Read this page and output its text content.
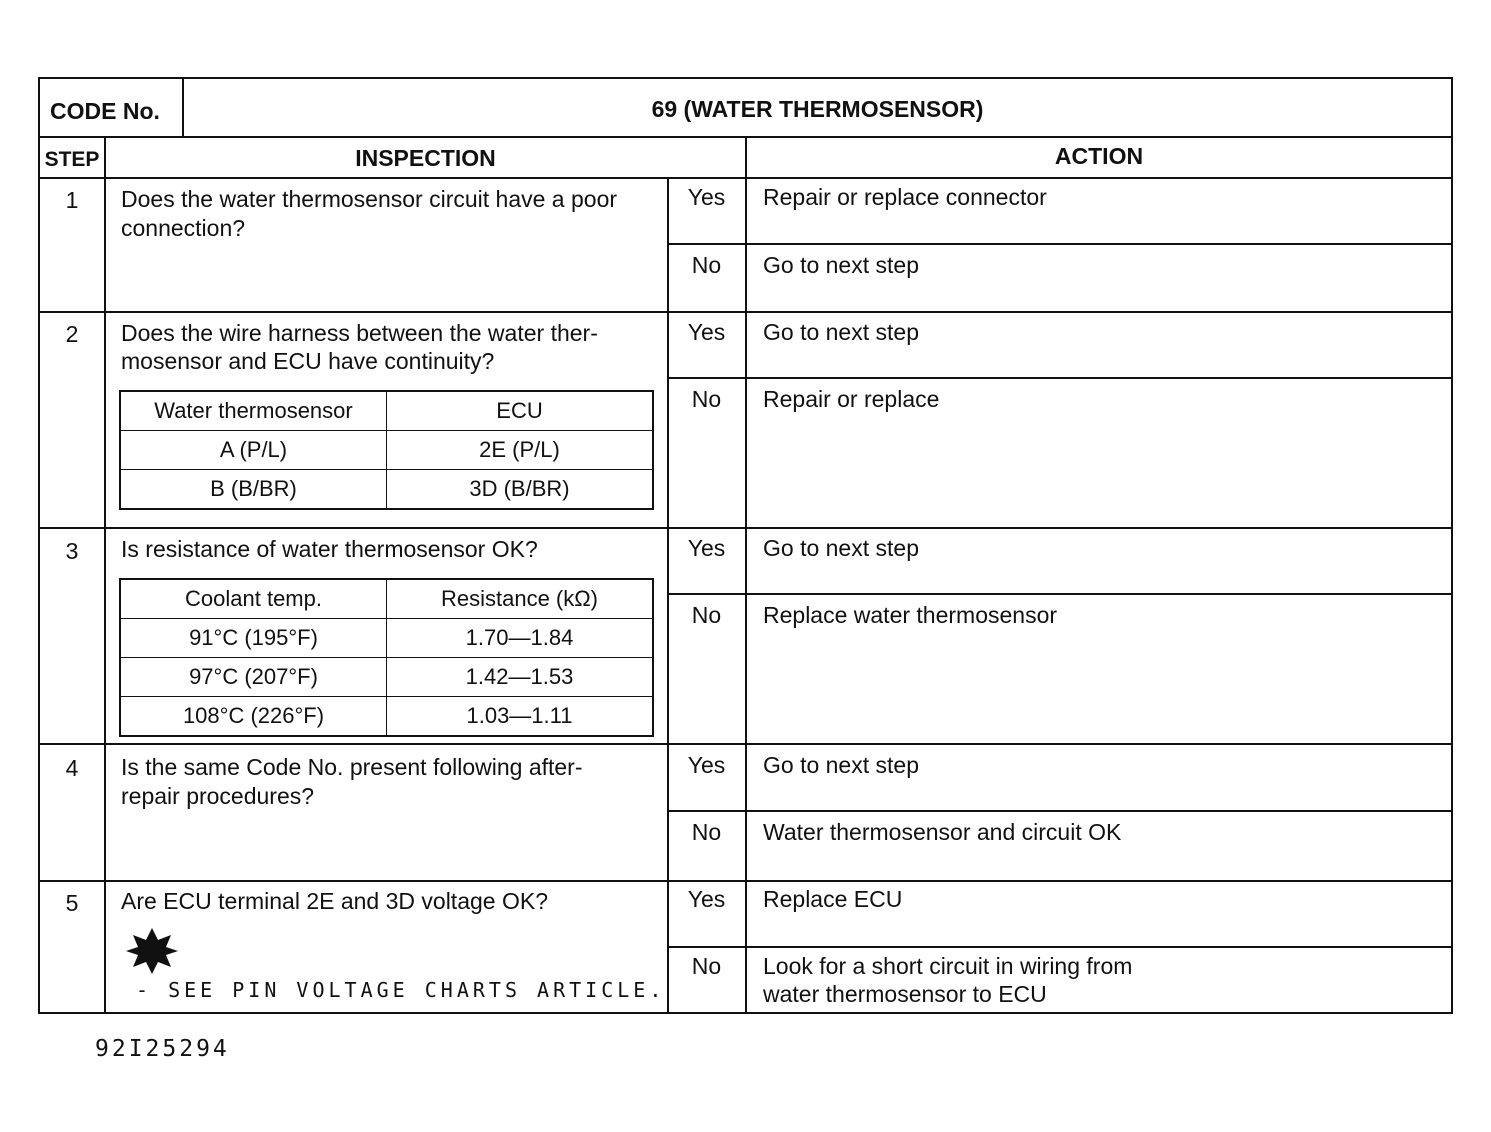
CODE No.	69 (WATER THERMOSENSOR)
STEP	INSPECTION	ACTION
1	Does the water thermosensor circuit have a poor connection?
Yes	Repair or replace connector
No	Go to next step
2	Does the wire harness between the water ther-
mosensor and ECU have continuity?
Water thermosensor	ECU
A (P/L)	2E (P/L)
B (B/BR)	3D (B/BR)
Yes	Go to next step
No	Repair or replace
3	Is resistance of water thermosensor OK?
Coolant temp.	Resistance (kΩ)
91°C (195°F)	1.70—1.84
97°C (207°F)	1.42—1.53
108°C (226°F)	1.03—1.11
Yes	Go to next step
No	Replace water thermosensor
4	Is the same Code No. present following after-
repair procedures?
Yes	Go to next step
No	Water thermosensor and circuit OK
5	Are ECU terminal 2E and 3D voltage OK?
- SEE PIN VOLTAGE CHARTS ARTICLE.
Yes	Replace ECU
No	Look for a short circuit in wiring from
water thermosensor to ECU
92I25294
